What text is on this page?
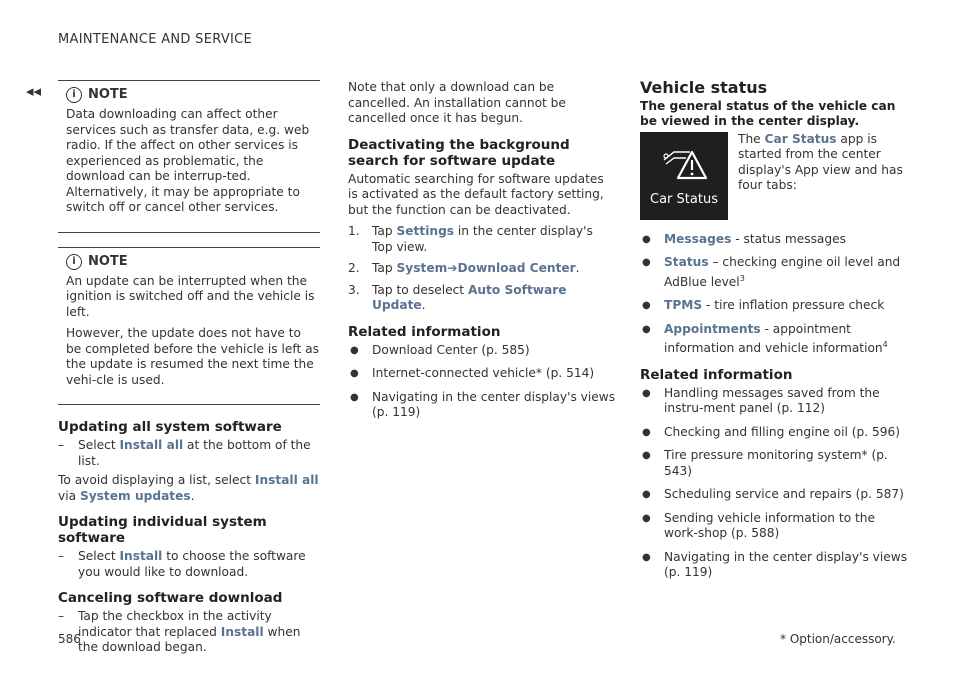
MAINTENANCE AND SERVICE
◂◂	i NOTE

Data downloading can affect other services such as transfer data, e.g. web radio. If the affect on other services is experienced as problematic, the download can be interrup-ted. Alternatively, it may be appropriate to switch off or cancel other services.

i NOTE

An update can be interrupted when the ignition is switched off and the vehicle is left.

However, the update does not have to be completed before the vehicle is left as the update is resumed the next time the vehi-cle is used.

Updating all system software
–	Select Install all at the bottom of the list.

To avoid displaying a list, select Install all via System updates.

Updating individual system software
–	Select Install to choose the software you would like to download.
Canceling software download
–	Tap the checkbox in the activity indicator that replaced Install when the download began.

Note that only a download can be cancelled. An installation cannot be cancelled once it has begun.

Deactivating the background search for software update

Automatic searching for software updates is activated as the default factory setting, but the function can be deactivated.

1.	Tap Settings in the center display's Top view.
2.	Tap System➔Download Center.
3.	Tap to deselect Auto Software Update.
Related information
●	Download Center (p. 585)
●	Internet-connected vehicle* (p. 514)
●	Navigating in the center display's views (p. 119)
Vehicle status

The general status of the vehicle can be viewed in the center display.

Car Status

The Car Status app is started from the center display's App view and has four tabs:

●	Messages - status messages
●	Status – checking engine oil level and AdBlue level$^3$
●	TPMS - tire inflation pressure check
●	Appointments - appointment information and vehicle information$^4$
Related information
●	Handling messages saved from the instru-ment panel (p. 112)
●	Checking and filling engine oil (p. 596)
●	Tire pressure monitoring system* (p. 543)
●	Scheduling service and repairs (p. 587)
●	Sending vehicle information to the work-shop (p. 588)
●	Navigating in the center display's views (p. 119)
586	* Option/accessory.
